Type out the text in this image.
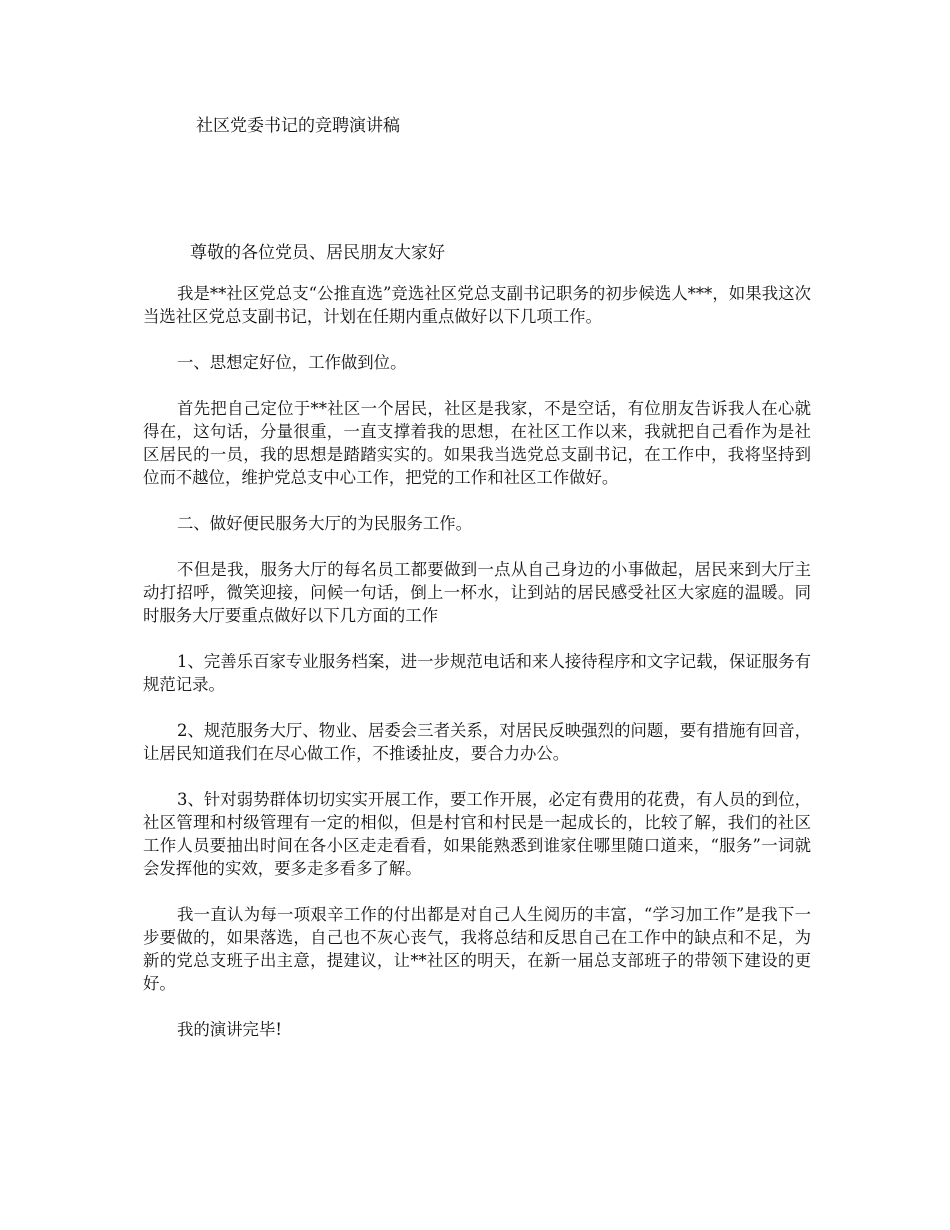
社区党委书记的竞聘演讲稿
尊敬的各位党员、居民朋友大家好

我是**社区党总支“公推直选”竞选社区党总支副书记职务的初步候选人***，如果我这次当选社区党总支副书记，计划在任期内重点做好以下几项工作。

一、思想定好位，工作做到位。

首先把自己定位于**社区一个居民，社区是我家，不是空话，有位朋友告诉我人在心就得在，这句话，分量很重，一直支撑着我的思想，在社区工作以来，我就把自己看作为是社区居民的一员，我的思想是踏踏实实的。如果我当选党总支副书记，在工作中，我将坚持到位而不越位，维护党总支中心工作，把党的工作和社区工作做好。

二、做好便民服务大厅的为民服务工作。

不但是我，服务大厅的每名员工都要做到一点从自己身边的小事做起，居民来到大厅主动打招呼，微笑迎接，问候一句话，倒上一杯水，让到站的居民感受社区大家庭的温暖。同时服务大厅要重点做好以下几方面的工作

1、完善乐百家专业服务档案，进一步规范电话和来人接待程序和文字记载，保证服务有规范记录。

2、规范服务大厅、物业、居委会三者关系，对居民反映强烈的问题，要有措施有回音，让居民知道我们在尽心做工作，不推诿扯皮，要合力办公。

3、针对弱势群体切切实实开展工作，要工作开展，必定有费用的花费，有人员的到位，社区管理和村级管理有一定的相似，但是村官和村民是一起成长的，比较了解，我们的社区工作人员要抽出时间在各小区走走看看，如果能熟悉到谁家住哪里随口道来，“服务”一词就会发挥他的实效，要多走多看多了解。

我一直认为每一项艰辛工作的付出都是对自己人生阅历的丰富，“学习加工作”是我下一步要做的，如果落选，自己也不灰心丧气，我将总结和反思自己在工作中的缺点和不足，为新的党总支班子出主意，提建议，让**社区的明天，在新一届总支部班子的带领下建设的更好。

我的演讲完毕!
